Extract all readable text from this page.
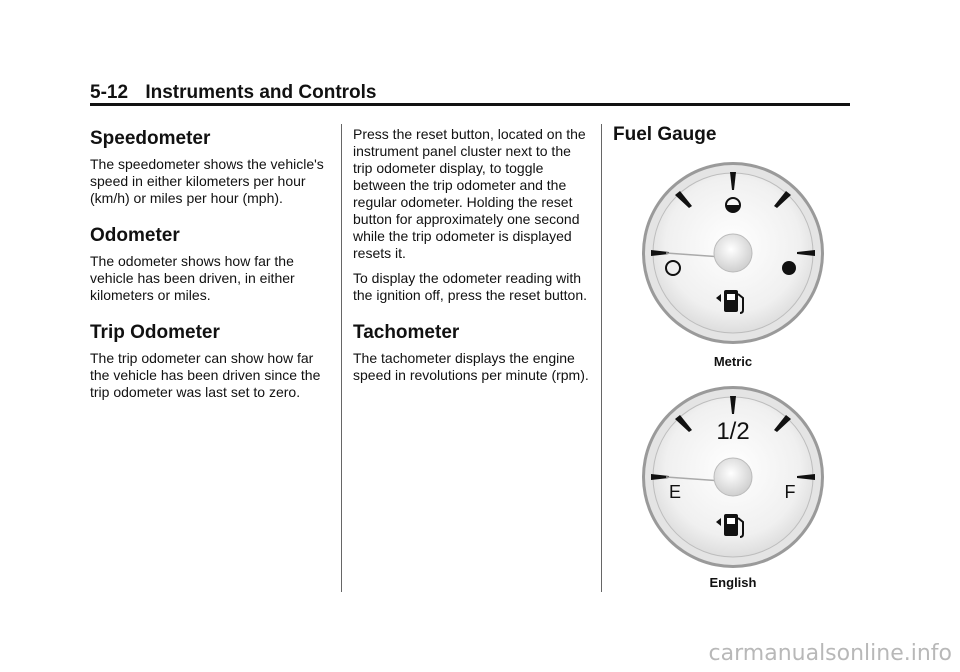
5-12 Instruments and Controls
Speedometer

The speedometer shows the vehicle's speed in either kilometers per hour (km/h) or miles per hour (mph).

Odometer

The odometer shows how far the vehicle has been driven, in either kilometers or miles.

Trip Odometer

The trip odometer can show how far the vehicle has been driven since the trip odometer was last set to zero.

Press the reset button, located on the instrument panel cluster next to the trip odometer display, to toggle between the trip odometer and the regular odometer. Holding the reset button for approximately one second while the trip odometer is displayed resets it.

To display the odometer reading with the ignition off, press the reset button.

Tachometer

The tachometer displays the engine speed in revolutions per minute (rpm).

Fuel Gauge
Metric
1/2
E	F
English
carmanualsonline.info
